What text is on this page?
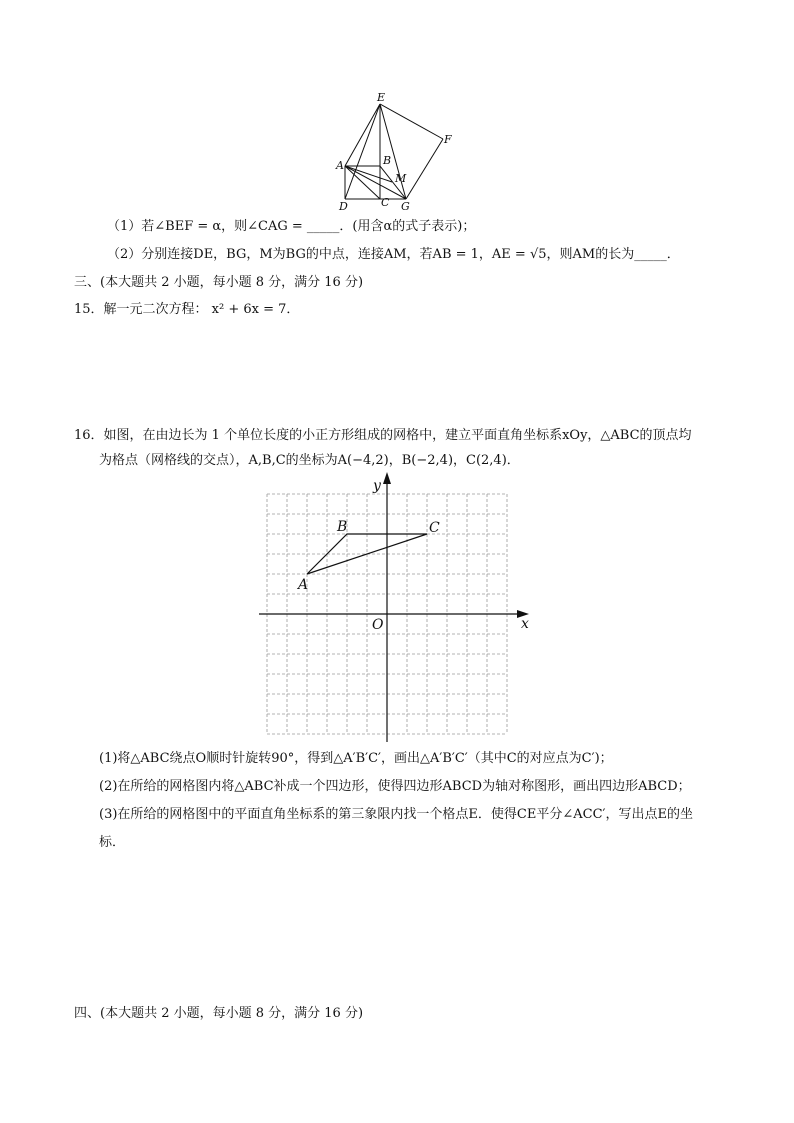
E
F
A	B
M
D	C G
（1）若∠BEF = α，则∠CAG = _____．(用含α的式子表示)；
（2）分别连接DE，BG，M为BG的中点，连接AM，若AB = 1，AE = √5，则AM的长为_____．
三、(本大题共 2 小题，每小题 8 分，满分 16 分)
15．解一元二次方程： x² + 6x = 7．
16．如图，在由边长为 1 个单位长度的小正方形组成的网格中，建立平面直角坐标系xOy，△ABC的顶点均
为格点（网格线的交点），A,B,C的坐标为A(−4,2)，B(−2,4)，C(2,4)．
A
B	C
O	x
y
(1)将△ABC绕点O顺时针旋转90°，得到△A′B′C′，画出△A′B′C′（其中C的对应点为C′)；
(2)在所给的网格图内将△ABC补成一个四边形，使得四边形ABCD为轴对称图形，画出四边形ABCD；
(3)在所给的网格图中的平面直角坐标系的第三象限内找一个格点E．使得CE平分∠ACC′，写出点E的坐
标．
四、(本大题共 2 小题，每小题 8 分，满分 16 分)
